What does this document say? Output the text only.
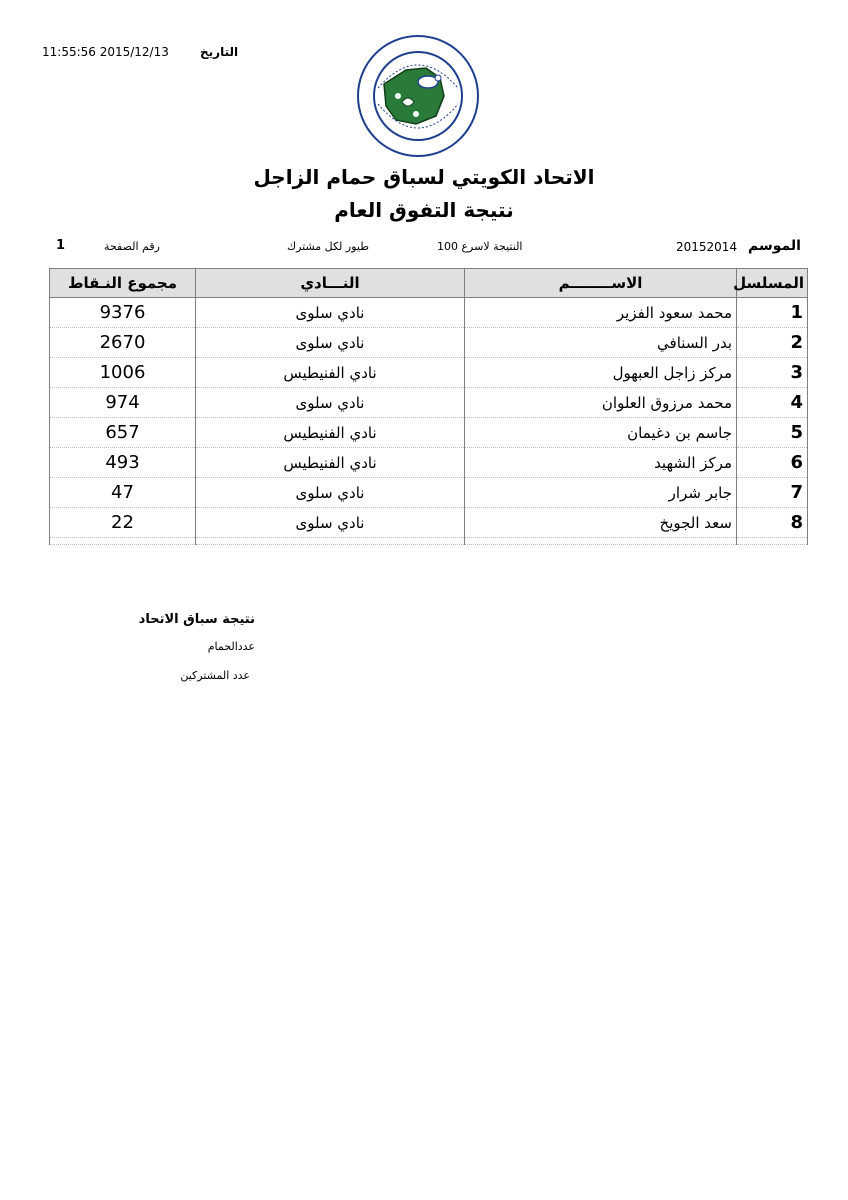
التاريخ
11:55:56 2015/12/13
الاتحاد الكويتي لسباق حمام الزاجل
نتيجة التفوق العام
الموسم
20152014
النتيجة لاسرع 100
طيور لكل مشترك
رقم الصفحة
1
المسلسل	الاســــــــم	النـــادي	مجموع النـقاط
1	محمد سعود الفزير	نادي سلوى	9376
2	بدر السنافي	نادي سلوى	2670
3	مركز زاجل العبهول	نادي الفنيطيس	1006
4	محمد مرزوق العلوان	نادي سلوى	974
5	جاسم بن دغيمان	نادي الفنيطيس	657
6	مركز الشهيد	نادي الفنيطيس	493
7	جابر شرار	نادي سلوى	47
8	سعد الجويخ	نادي سلوى	22

نتيجة سباق الاتحاد
عددالحمام
عدد المشتركين
